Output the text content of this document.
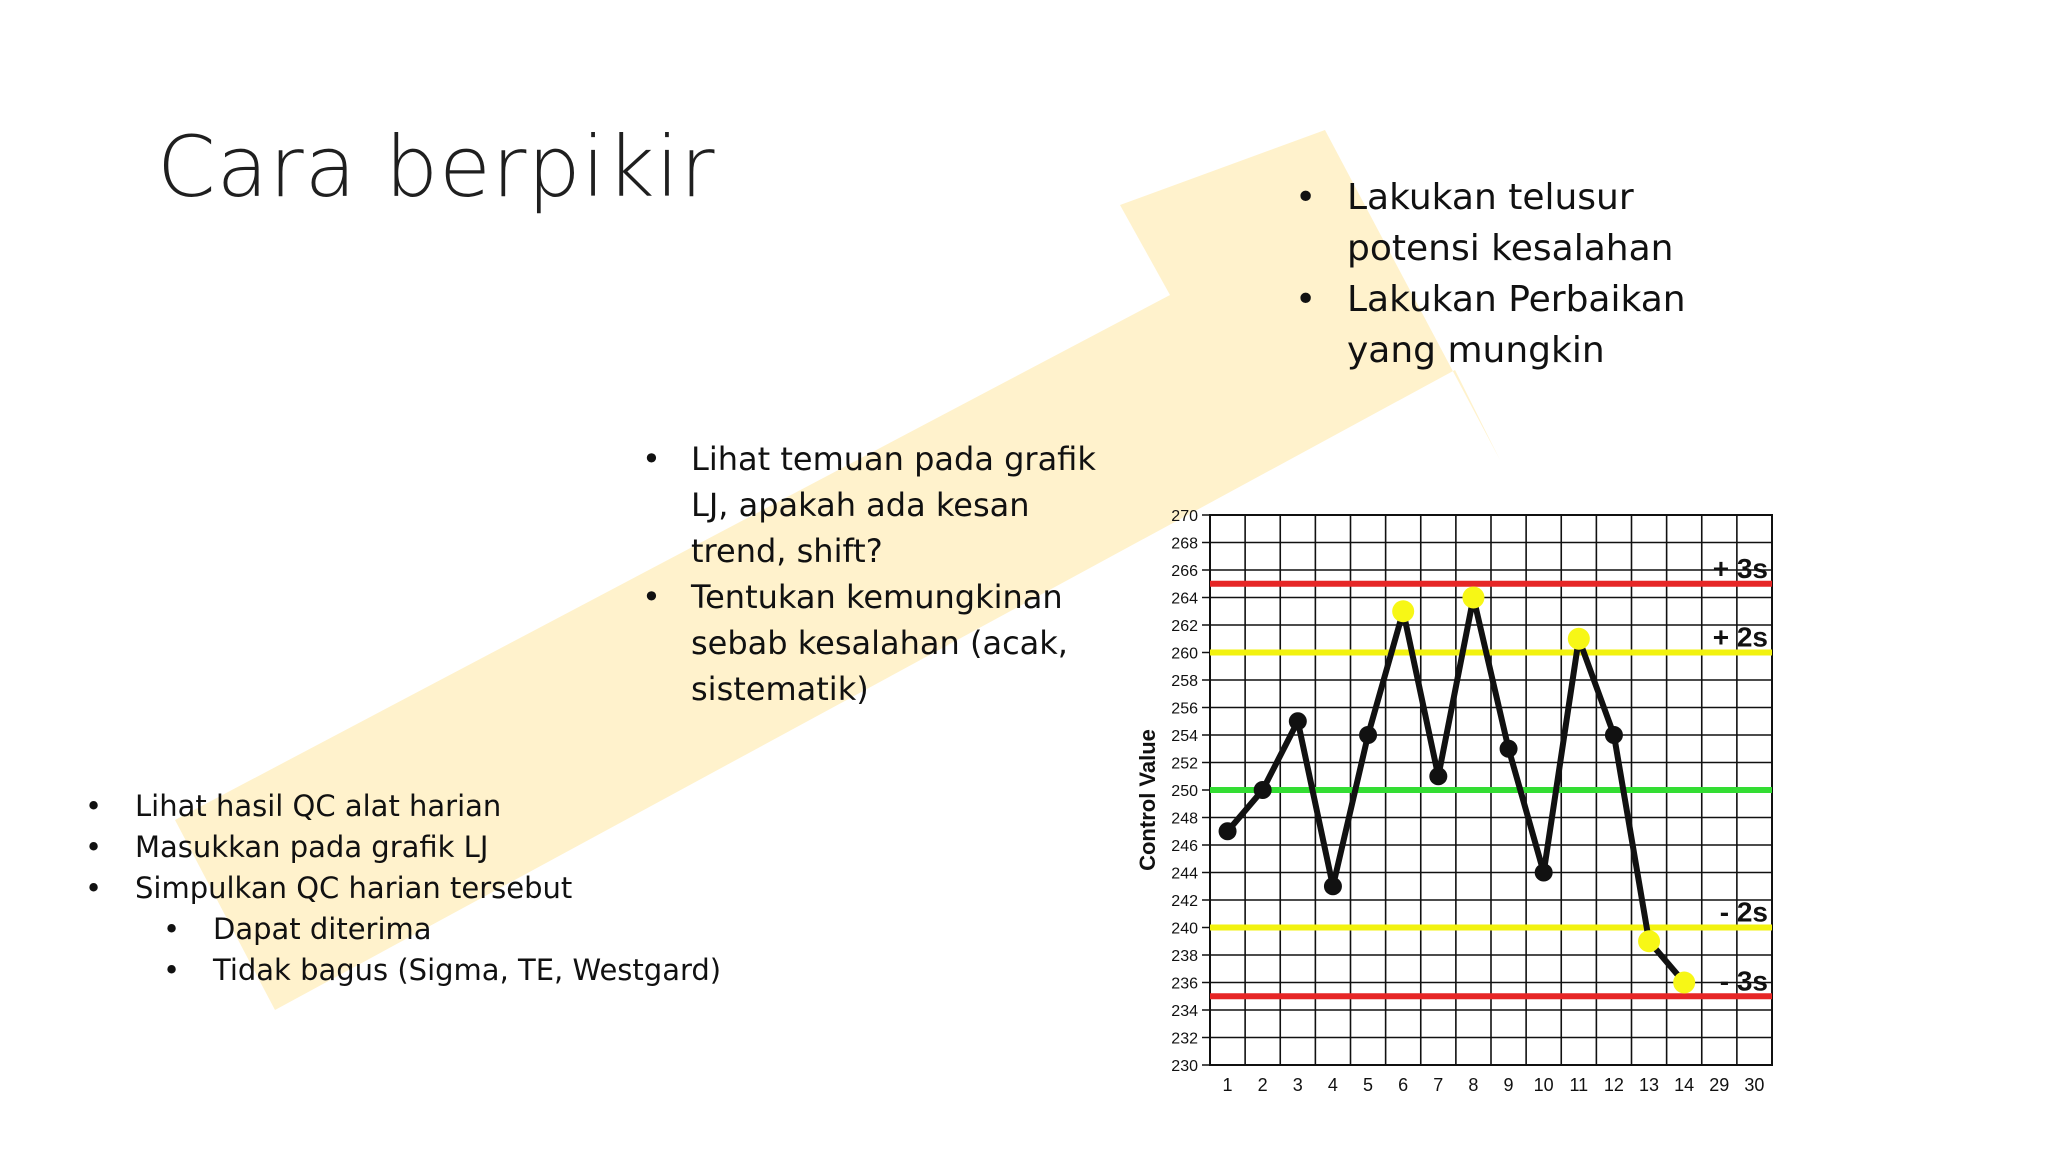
Cara berpikir
• Lihat hasil QC alat harian
• Masukkan pada grafik LJ
• Simpulkan QC harian tersebut
• Dapat diterima
• Tidak bagus (Sigma, TE, Westgard)
• Lihat temuan pada grafik LJ, apakah ada kesan trend, shift?
• Tentukan kemungkinan sebab kesalahan (acak, sistematik)
• Lakukan telusur potensi kesalahan
• Lakukan Perbaikan yang mungkin
230
232
234
236
238
240
242
244
246
248
250
252
254
256
258
260
262
264
266
268
270
1 2 3 4 5 6 7 8 9 10 11 12 13 14 29 30
+ 3s
+ 2s
- 2s
- 3s
Control Value
